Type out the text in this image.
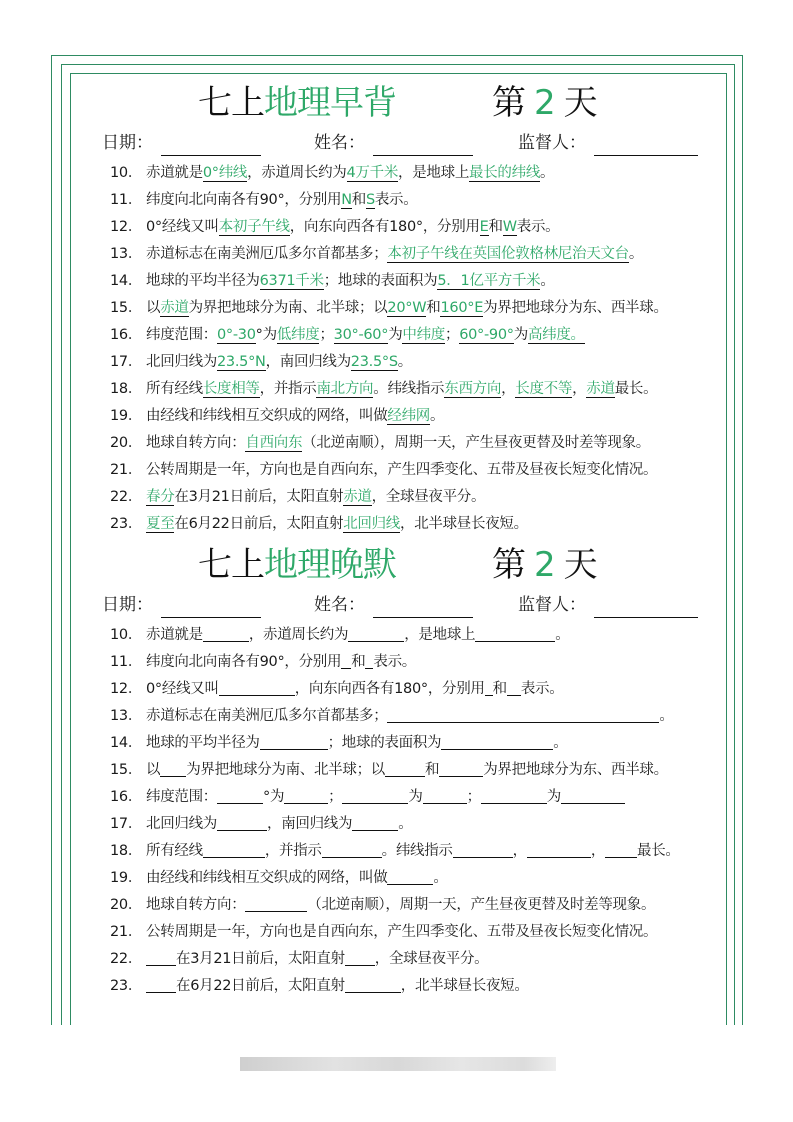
七上地理早背	第 2 天
日期：	姓名：	监督人：
10． 赤道就是0°纬线，赤道周长约为4万千米，是地球上最长的纬线。
11． 纬度向北向南各有90°，分别用N和S表示。
12． 0°经线又叫本初子午线，向东向西各有180°，分别用E和W表示。
13． 赤道标志在南美洲厄瓜多尔首都基多；本初子午线在英国伦敦格林尼治天文台。
14． 地球的平均半径为6371千米；地球的表面积为5．1亿平方千米。
15． 以赤道为界把地球分为南、北半球；以20°W和160°E为界把地球分为东、西半球。
16． 纬度范围：0°-30°为低纬度；30°-60°为中纬度；60°-90°为高纬度。
17． 北回归线为23.5°N，南回归线为23.5°S。
18． 所有经线长度相等，并指示南北方向。纬线指示东西方向，长度不等，赤道最长。
19． 由经线和纬线相互交织成的网络，叫做经纬网。
20． 地球自转方向：自西向东（北逆南顺），周期一天，产生昼夜更替及时差等现象。
21． 公转周期是一年，方向也是自西向东，产生四季变化、五带及昼夜长短变化情况。
22． 春分在3月21日前后，太阳直射赤道，全球昼夜平分。
23． 夏至在6月22日前后，太阳直射北回归线，北半球昼长夜短。
七上地理晚默	第 2 天
日期：	姓名：	监督人：
10． 赤道就是	，赤道周长约为	，是地球上	。
11． 纬度向北向南各有90°，分别用 和 表示。
12． 0°经线又叫	，向东向西各有180°，分别用 和 表示。
13． 赤道标志在南美洲厄瓜多尔首都基多；	。
14． 地球的平均半径为	；地球的表面积为	。
15． 以 为界把地球分为南、北半球；以	和	为界把地球分为东、西半球。
16． 纬度范围：	°为	；	为	；	为
17． 北回归线为	，南回归线为	。
18． 所有经线	，并指示	。纬线指示	，	， 最长。
19． 由经线和纬线相互交织成的网络，叫做	。
20． 地球自转方向：	（北逆南顺），周期一天，产生昼夜更替及时差等现象。
21． 公转周期是一年，方向也是自西向东，产生四季变化、五带及昼夜长短变化情况。
22． 在3月21日前后，太阳直射 ，全球昼夜平分。
23． 在6月22日前后，太阳直射	，北半球昼长夜短。
